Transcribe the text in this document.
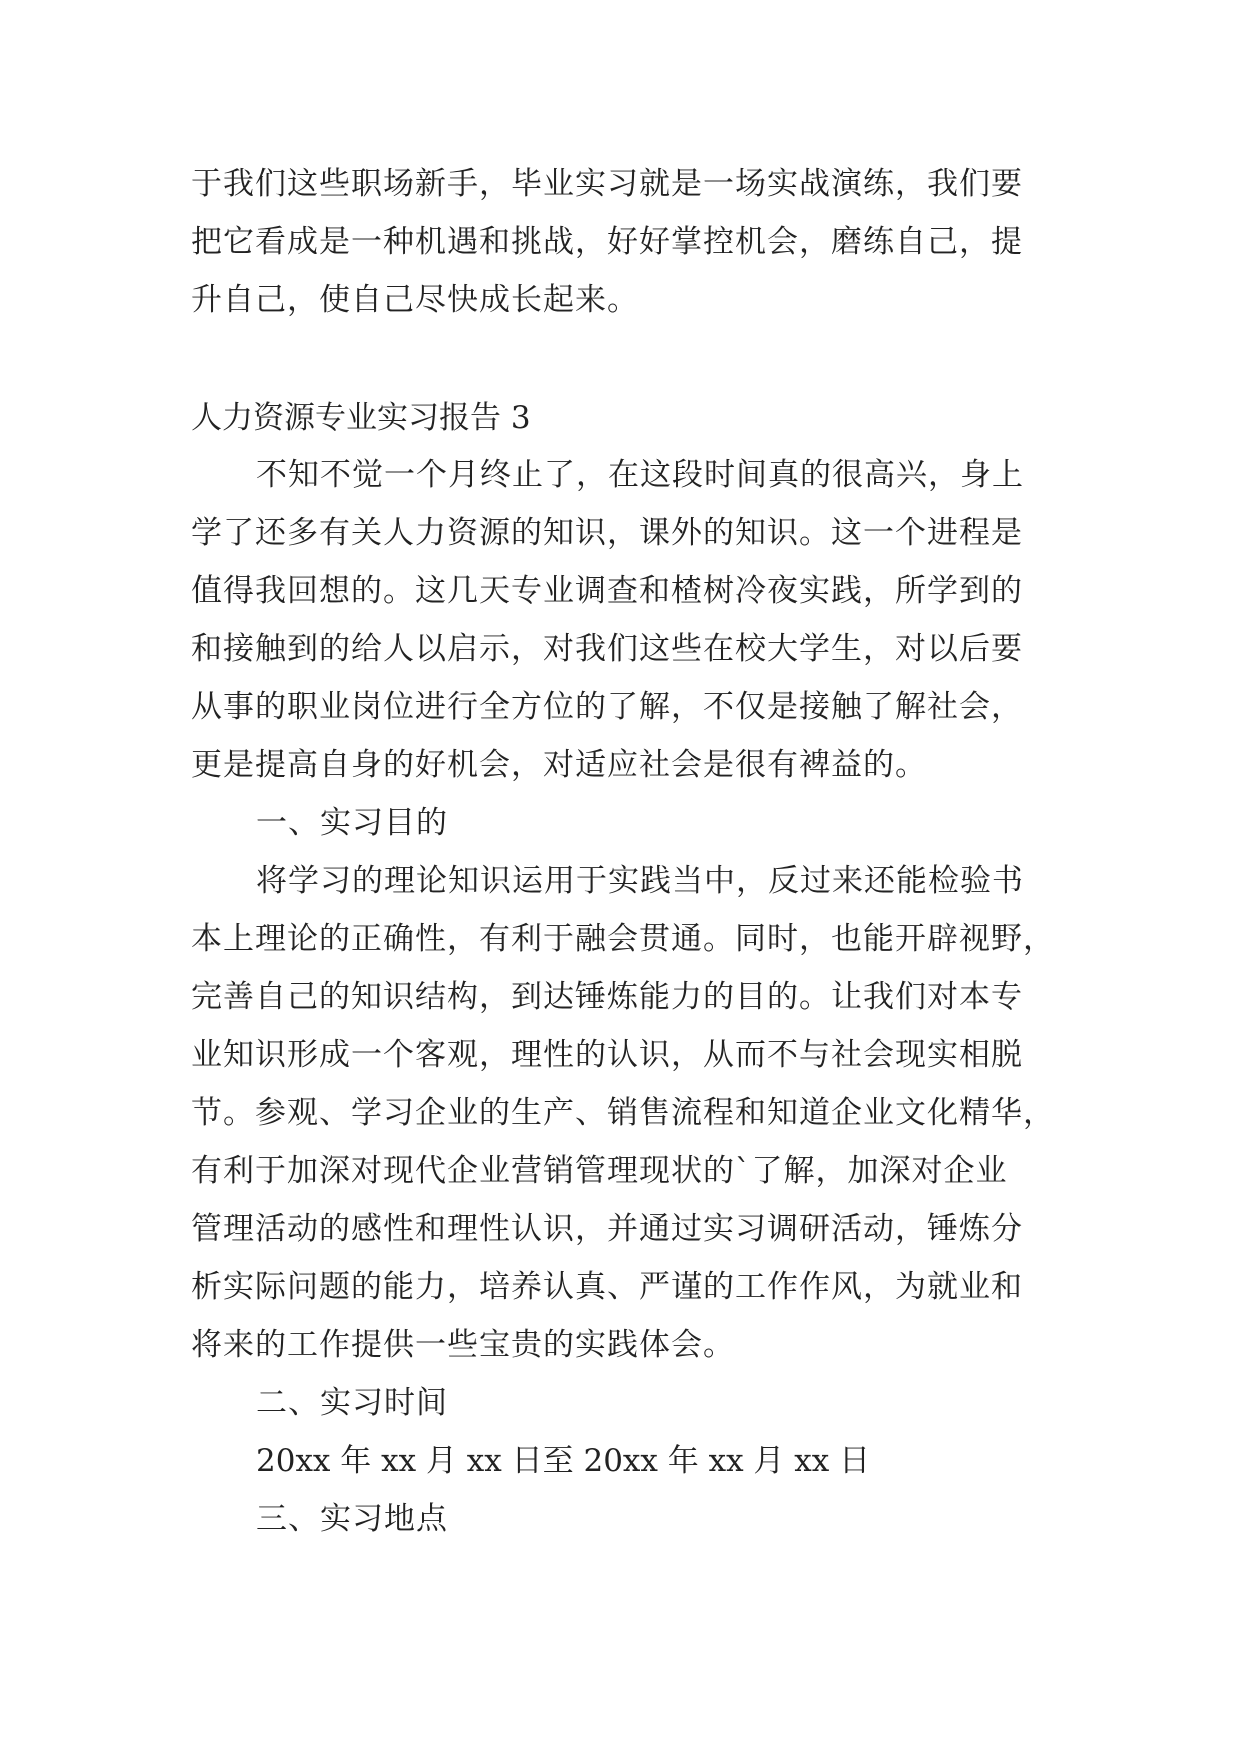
于我们这些职场新手，毕业实习就是一场实战演练，我们要
把它看成是一种机遇和挑战，好好掌控机会，磨练自己，提
升自己，使自己尽快成长起来。
人力资源专业实习报告 3
不知不觉一个月终止了，在这段时间真的很高兴，身上
学了还多有关人力资源的知识，课外的知识。这一个进程是
值得我回想的。这几天专业调查和楂树冷夜实践，所学到的
和接触到的给人以启示，对我们这些在校大学生，对以后要
从事的职业岗位进行全方位的了解，不仅是接触了解社会，
更是提高自身的好机会，对适应社会是很有裨益的。
一、实习目的
将学习的理论知识运用于实践当中，反过来还能检验书
本上理论的正确性，有利于融会贯通。同时，也能开辟视野，
完善自己的知识结构，到达锤炼能力的目的。让我们对本专
业知识形成一个客观，理性的认识，从而不与社会现实相脱
节。参观、学习企业的生产、销售流程和知道企业文化精华，
有利于加深对现代企业营销管理现状的`了解，加深对企业
管理活动的感性和理性认识，并通过实习调研活动，锤炼分
析实际问题的能力，培养认真、严谨的工作作风，为就业和
将来的工作提供一些宝贵的实践体会。
二、实习时间
20xx 年 xx 月 xx 日至 20xx 年 xx 月 xx 日
三、实习地点
